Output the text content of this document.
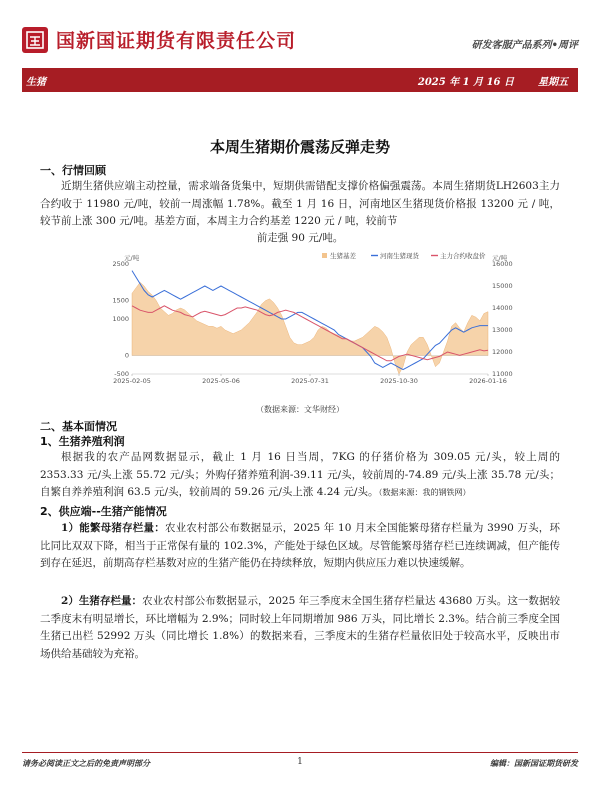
国新国证期货有限责任公司	研发客服产品系列•周评
生猪	2025 年 1 月 16 日 星期五
本周生猪期价震荡反弹走势
一、行情回顾
近期生猪供应端主动控量，需求端备货集中，短期供需错配支撑价格偏强震荡。本周生猪期货LH2603主力合约收于 11980 元/吨，较前一周涨幅 1.78%。截至 1 月 16 日，河南地区生猪现货价格报 13200 元 / 吨，较节前上涨 300 元/吨。基差方面，本周主力合约基差 1220 元 / 吨，较前节
前走强 90 元/吨。
2500
1500
1000
0
-500
16000
15000
14000
13000
12000
11000
元/吨	元/吨
2025-02-05	2025-05-06	2025-07-31	2025-10-30	2026-01-16
生猪基差	河南生猪现货	主力合约收盘价
（数据来源：文华财经）
二、基本面情况
1、生猪养殖利润
根据我的农产品网数据显示，截止 1 月 16 日当周，7KG 的仔猪价格为 309.05 元/头，较上周的 2353.33 元/头上涨 55.72 元/头；外购仔猪养殖利润-39.11 元/头，较前周的-74.89 元/头上涨 35.78 元/头；自繁自养养殖利润 63.5 元/头，较前周的 59.26 元/头上涨 4.24 元/头。（数据来源：我的钢铁网）
2、供应端--生猪产能情况
1）能繁母猪存栏量：农业农村部公布数据显示，2025 年 10 月末全国能繁母猪存栏量为 3990 万头，环比同比双双下降，相当于正常保有量的 102.3%，产能处于绿色区域。尽管能繁母猪存栏已连续调减，但产能传到存在延迟，前期高存栏基数对应的生猪产能仍在持续释放，短期内供应压力难以快速缓解。
2）生猪存栏量：农业农村部公布数据显示，2025 年三季度末全国生猪存栏量达 43680 万头。这一数据较二季度末有明显增长，环比增幅为 2.9%；同时较上年同期增加 986 万头，同比增长 2.3%。结合前三季度全国生猪已出栏 52992 万头（同比增长 1.8%）的数据来看，三季度末的生猪存栏量依旧处于较高水平，反映出市场供给基础较为充裕。
请务必阅读正文之后的免责声明部分	1	编辑：国新国证期货研发
